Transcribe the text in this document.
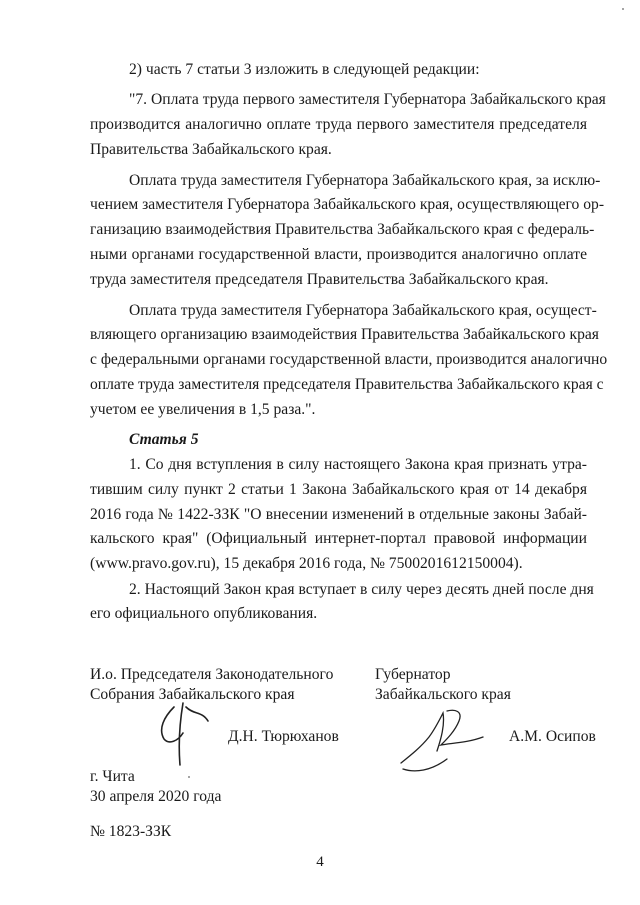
2) часть 7 статьи 3 изложить в следующей редакции:
"7. Оплата труда первого заместителя Губернатора Забайкальского края
производится аналогично оплате труда первого заместителя председателя
Правительства Забайкальского края.
Оплата труда заместителя Губернатора Забайкальского края, за исклю-
чением заместителя Губернатора Забайкальского края, осуществляющего ор-
ганизацию взаимодействия Правительства Забайкальского края с федераль-
ными органами государственной власти, производится аналогично оплате
труда заместителя председателя Правительства Забайкальского края.
Оплата труда заместителя Губернатора Забайкальского края, осущест-
вляющего организацию взаимодействия Правительства Забайкальского края
с федеральными органами государственной власти, производится аналогично
оплате труда заместителя председателя Правительства Забайкальского края с
учетом ее увеличения в 1,5 раза.".
Статья 5
1. Со дня вступления в силу настоящего Закона края признать утра-
тившим силу пункт 2 статьи 1 Закона Забайкальского края от 14 декабря
2016 года № 1422-ЗЗК "О внесении изменений в отдельные законы Забай-
кальского края" (Официальный интернет-портал правовой информации
(www.pravo.gov.ru), 15 декабря 2016 года, № 7500201612150004).
2. Настоящий Закон края вступает в силу через десять дней после дня
его официального опубликования.
И.о. Председателя Законодательного
Собрания Забайкальского края
Д.Н. Тюрюханов
Губернатор
Забайкальского края
А.М. Осипов
г. Чита
30 апреля 2020 года
№ 1823-ЗЗК
4
